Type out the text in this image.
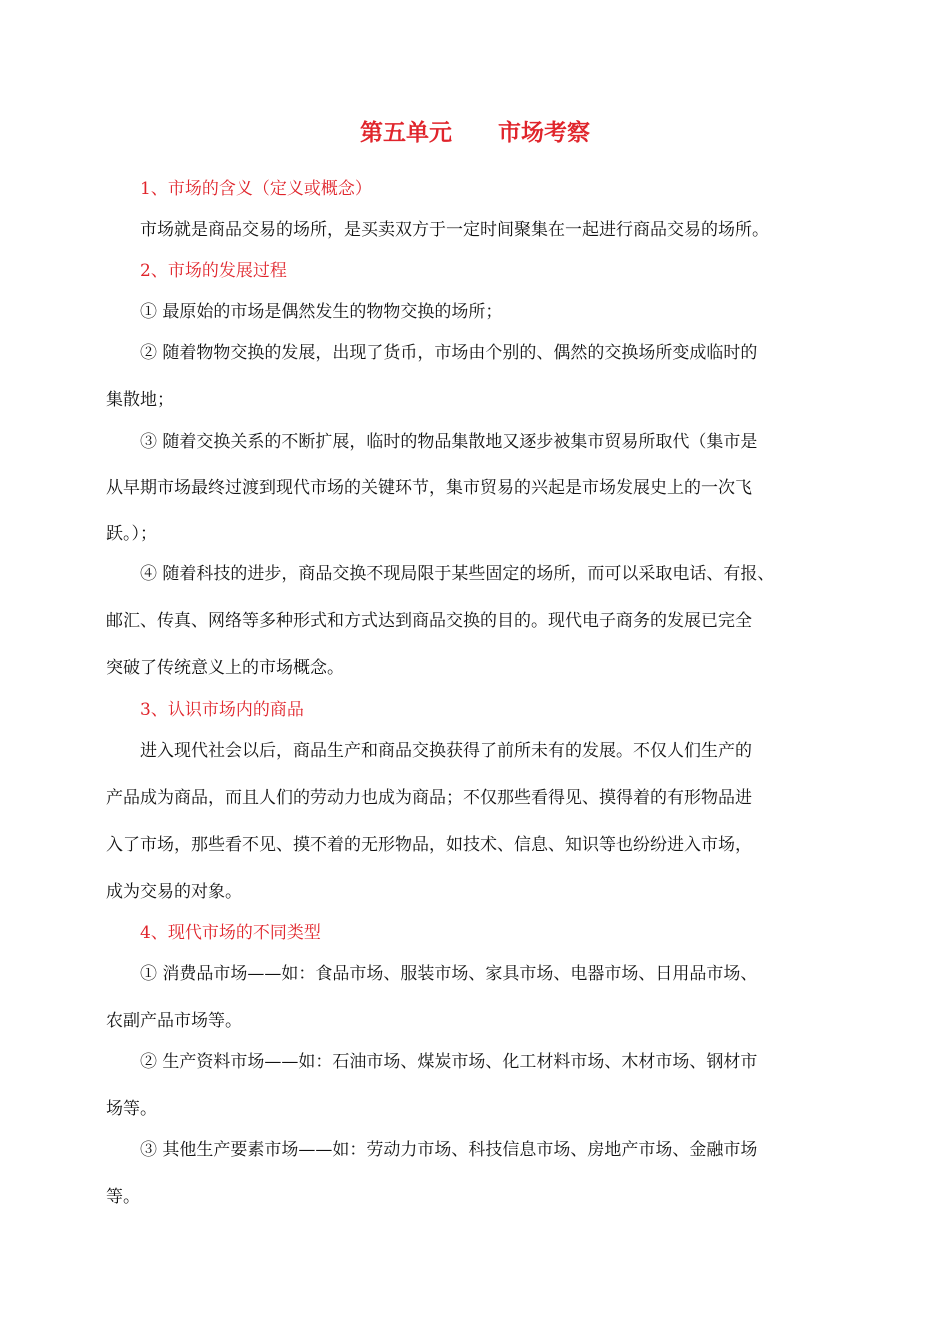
第五单元 市场考察
1、市场的含义（定义或概念）
市场就是商品交易的场所，是买卖双方于一定时间聚集在一起进行商品交易的场所。
2、市场的发展过程
① 最原始的市场是偶然发生的物物交换的场所；
② 随着物物交换的发展，出现了货币，市场由个别的、偶然的交换场所变成临时的
集散地；
③ 随着交换关系的不断扩展，临时的物品集散地又逐步被集市贸易所取代（集市是
从早期市场最终过渡到现代市场的关键环节，集市贸易的兴起是市场发展史上的一次飞
跃。）；
④ 随着科技的进步，商品交换不现局限于某些固定的场所，而可以采取电话、有报、
邮汇、传真、网络等多种形式和方式达到商品交换的目的。现代电子商务的发展已完全
突破了传统意义上的市场概念。
3、认识市场内的商品
进入现代社会以后，商品生产和商品交换获得了前所未有的发展。不仅人们生产的
产品成为商品，而且人们的劳动力也成为商品；不仅那些看得见、摸得着的有形物品进
入了市场，那些看不见、摸不着的无形物品，如技术、信息、知识等也纷纷进入市场，
成为交易的对象。
4、现代市场的不同类型
① 消费品市场——如：食品市场、服装市场、家具市场、电器市场、日用品市场、
农副产品市场等。
② 生产资料市场——如：石油市场、煤炭市场、化工材料市场、木材市场、钢材市
场等。
③ 其他生产要素市场——如：劳动力市场、科技信息市场、房地产市场、金融市场
等。
